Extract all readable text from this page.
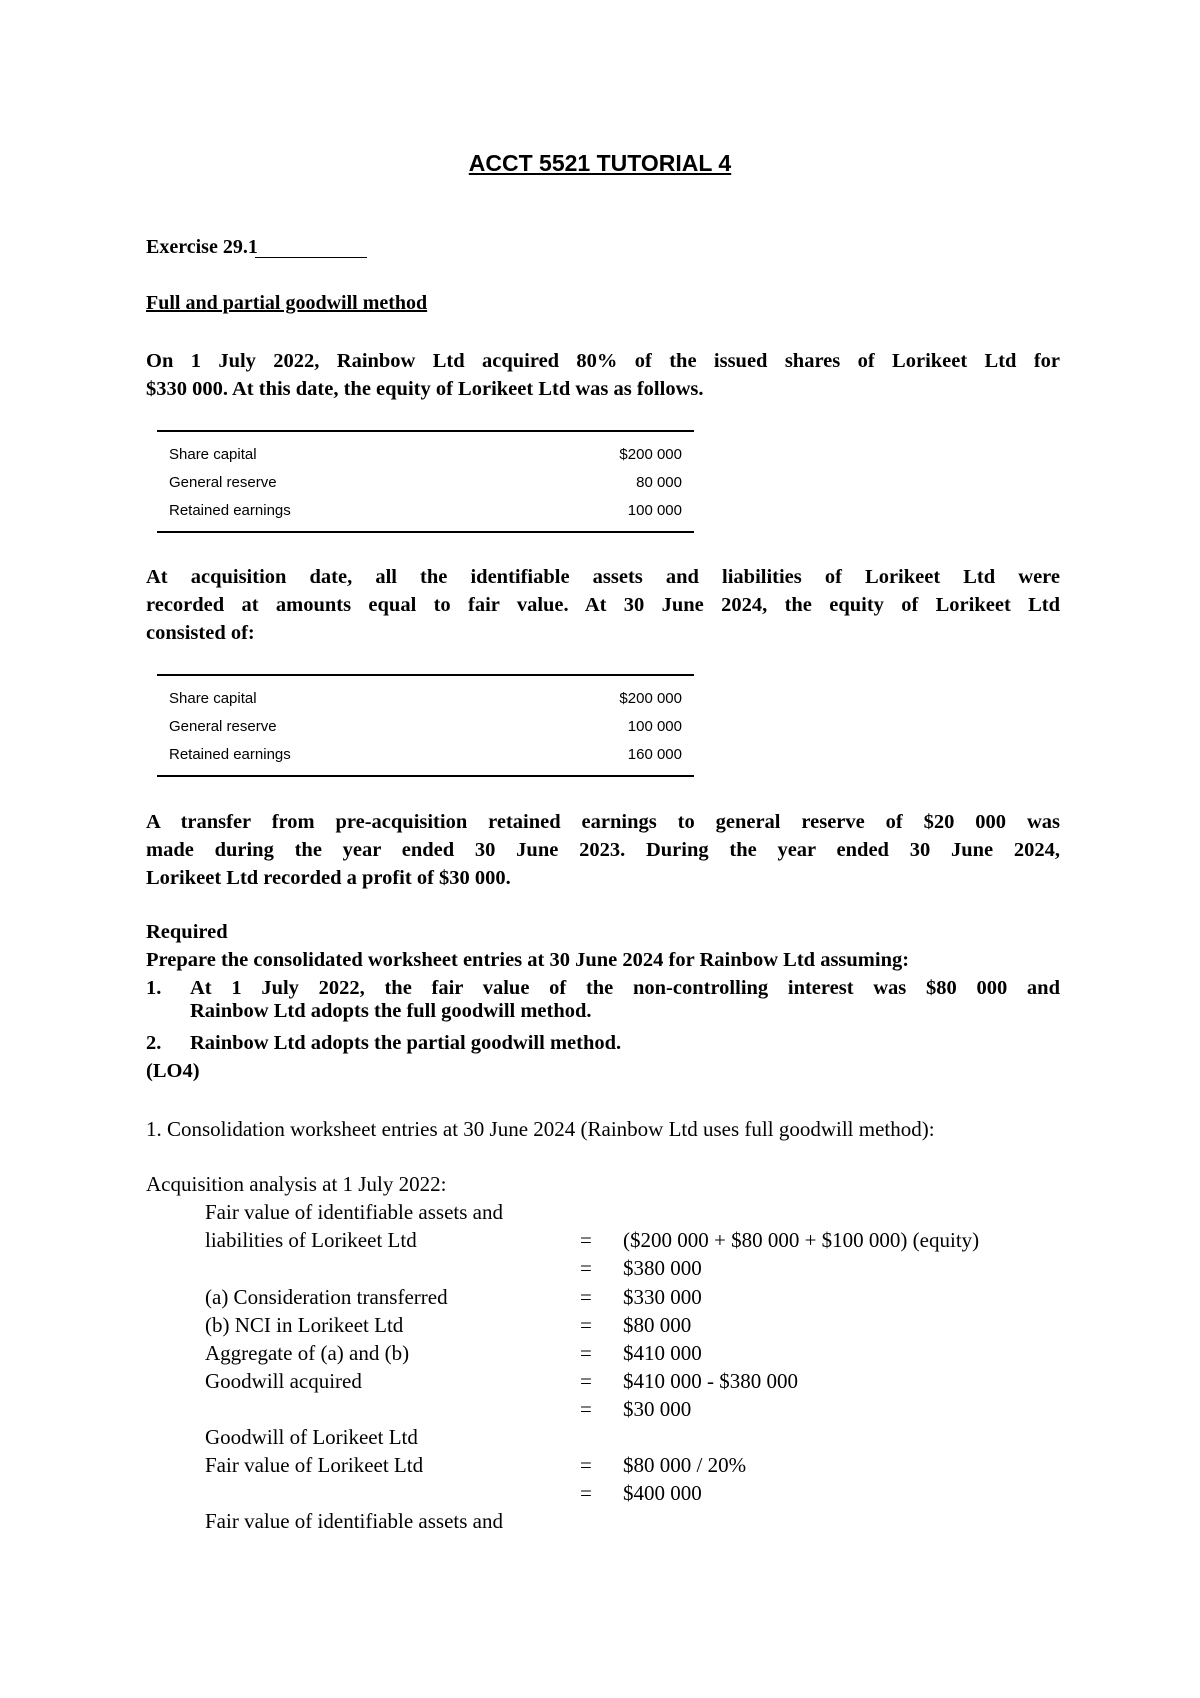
ACCT 5521 TUTORIAL 4
Exercise 29.1
Full and partial goodwill method
On 1 July 2022, Rainbow Ltd acquired 80% of the issued shares of Lorikeet Ltd for
$330 000. At this date, the equity of Lorikeet Ltd was as follows.
Share capital	$200 000
General reserve	80 000
Retained earnings	100 000
At acquisition date, all the identifiable assets and liabilities of Lorikeet Ltd were
recorded at amounts equal to fair value. At 30 June 2024, the equity of Lorikeet Ltd
consisted of:
Share capital	$200 000
General reserve	100 000
Retained earnings	160 000
A transfer from pre-acquisition retained earnings to general reserve of $20 000 was
made during the year ended 30 June 2023. During the year ended 30 June 2024,
Lorikeet Ltd recorded a profit of $30 000.
Required
Prepare the consolidated worksheet entries at 30 June 2024 for Rainbow Ltd assuming:
1. At 1 July 2022, the fair value of the non-controlling interest was $80 000 and
Rainbow Ltd adopts the full goodwill method.
2. Rainbow Ltd adopts the partial goodwill method.
(LO4)
1. Consolidation worksheet entries at 30 June 2024 (Rainbow Ltd uses full goodwill method):
Acquisition analysis at 1 July 2022:
Fair value of identifiable assets and
liabilities of Lorikeet Ltd	= ($200 000 + $80 000 + $100 000) (equity)
= $380 000
(a) Consideration transferred	= $330 000
(b) NCI in Lorikeet Ltd	= $80 000
Aggregate of (a) and (b)	= $410 000
Goodwill acquired	= $410 000 - $380 000
= $30 000
Goodwill of Lorikeet Ltd
Fair value of Lorikeet Ltd	= $80 000 / 20%
= $400 000
Fair value of identifiable assets and
